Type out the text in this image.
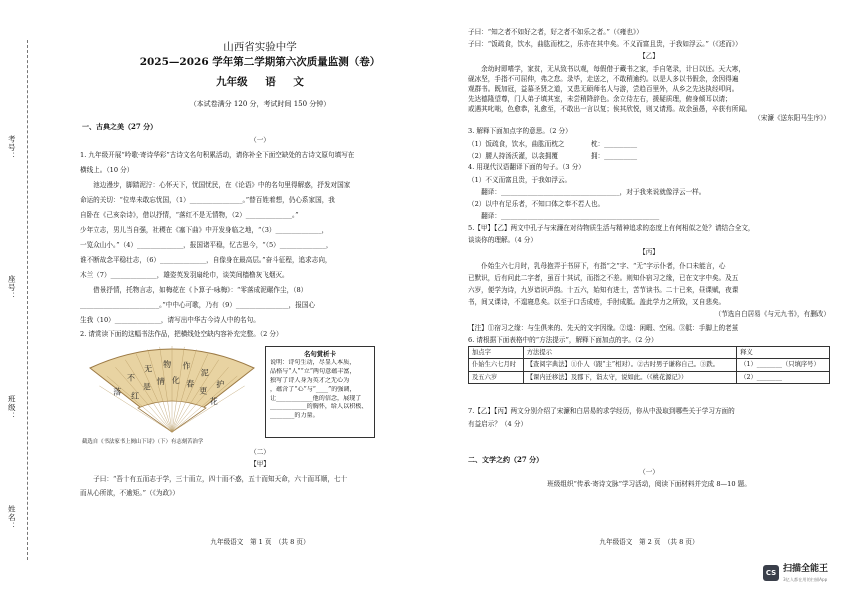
考号：
座号：
班级：
姓名：
山西省实验中学
2025—2026 学年第二学期第六次质量监测（卷）
九年级 语 文
（本试卷满分 120 分，考试时间 150 分钟）
一、古典之美（27 分）
（一）

1. 九年级开展“吟歌·寄诗华彩”古诗文名句积累活动，请你补全下面空缺处的古诗文原句填写在

横线上。（10 分）

　　池边漫步，脚踏泥泞：心怀天下，忧国忧民，在《论语》中的名句里得解惑，抒发对国家

命运的关切：“位卑未敢忘忧国，（1）________________。”替百姓着想，仍心系家国，我

自卧在《己亥杂诗》，借以抒情，“落红不是无情物，（2）______________。”

少年立志，男儿当自强，社稷在《塞下曲》中开发身临之地，“（3）______________，

一览众山小。”（4）______________，报国诸平稳，忆古思今，“（5）______________，

谁不断故念平稳壮志，（6）______________，自像身在最高层。”奋斗征程，追求志向，

木兰（7）______________，雄姿英发羽扇纶巾，谈笑间樯橹灰飞烟灭。

　　借景抒情，托物言志，如梅花在《卜算子·咏梅》：“零落成泥碾作尘，（8）

________________________。”中中心可歌，乃有（9）________________，报国心

生我（10）______________，请写出中华古今诗人中的名句。

2. 请赏读下面的这幅书法作品，把横线处空缺内容补充完整。（2 分）
落 红
不
是
无
情
物
化
作
春
泥
更
护
花
截选自《书法家书上阕山下诗》（下）有志刻苦治学
名句赏析卡

说明：诗句生动，尽显人本质，

品格与“人”“立”两句意蕴丰富，

独写了诗人身为英才之无心为

，蕴含了“心”与“____”的强调，

让____________他的信念，展现了

____________的胸怀，给人以积极、

________的力量。

（二）
【甲】

　　子曰：“吾十有五而志于学，三十而立，四十而不惑，五十而知天命，六十而耳顺，七十

而从心所欲，不逾矩。”（《为政》）

九年级语文　第 1 页　（共 8 页）

子曰：“知之者不如好之者，好之者不如乐之者。”（《雍也》）

子曰：“饭疏食，饮水，曲肱而枕之，乐亦在其中矣。不义而富且贵，于我如浮云。”（《述而》）

【乙】

　　余幼时即嗜学，家贫，无从致书以观，每假借于藏书之家，手自笔录，计日以还。天大寒，

砚冰坚，手指不可屈伸，弗之怠。录毕，走送之，不敢稍逾约。以是人多以书假余，余因得遍

观群书。既加冠，益慕圣贤之道，又患无硕师名人与游，尝趋百里外，从乡之先达执经叩问。

先达德隆望尊，门人弟子填其室，未尝稍降辞色。余立侍左右，援疑质理，俯身倾耳以请；

或遇其叱咄，色愈恭，礼愈至，不敢出一言以复；俟其欣悦，则又请焉。故余虽愚，卒获有所闻。

（宋濂《送东阳马生序》）
3. 解释下面加点字的意思。（2 分）

（1）饭疏食，饮水，曲肱而枕之　　　　枕：__________

（2）腰人持汤沃灌，以衾拥覆　　　　　拥：__________

4. 用现代汉语翻译下面的句子。（3 分）

（1）不义而富且贵，于我如浮云。

　　翻译：____________________________________，对于我来说就像浮云一样。

（2）以中有足乐者，不知口体之奉不若人也。

　　翻译：________________________________________________

5.【甲】【乙】两文中孔子与宋濂在对待物质生活与精神追求的态度上有何相似之处？请结合全文，

谈谈你的理解。（4 分）

【丙】

　　仆始生六七月时，乳母抱弄于书屏下，有指“之”字、“无”字示仆者，仆口未能言，心

已默识，后有问此二字者，虽百十其试，而指之不差。则知仆宿习之缘，已在文字中矣。及五

六岁，便学为诗，九岁谙识声韵。十五六，始知有进士，苦节读书。二十已来，昼课赋，夜课

书，间又课诗，不遑寝息矣。以至于口舌成疮，手肘成胝。盖此学力之所致，又自悲矣。

（节选自白居易《与元九书》，有删改）

【注】①宿习之缘：与生俱来的、先天的文字因缘。②遑：闲暇、空闲。③胝：手脚上的老茧

6. 请根据下面表格中的“方法提示”，解释下面加点的字。（2 分）

加点字	方法提示	释义
仆始生六七月时	【查阅字典法】①仆人（跟“主”相对）。②古时男子谦称自己。③跌。	（1）________（只填序号）
及五六岁	【课内迁移法】及郡下，诣太守，说如此。（《桃花源记》）	（2）________

7.【乙】【丙】两文分别介绍了宋濂和白居易的求学经历，你从中汲取到哪些关于学习方面的

有益启示？（4 分）

二、文学之约（27 分）
（一）
班级组织“传承·寄诗文脉”学习活动，阅读下面材料并完成 8—10 题。
九年级语文　第 2 页　（共 8 页）
CS 扫描全能王
3亿人都在用的扫描App
